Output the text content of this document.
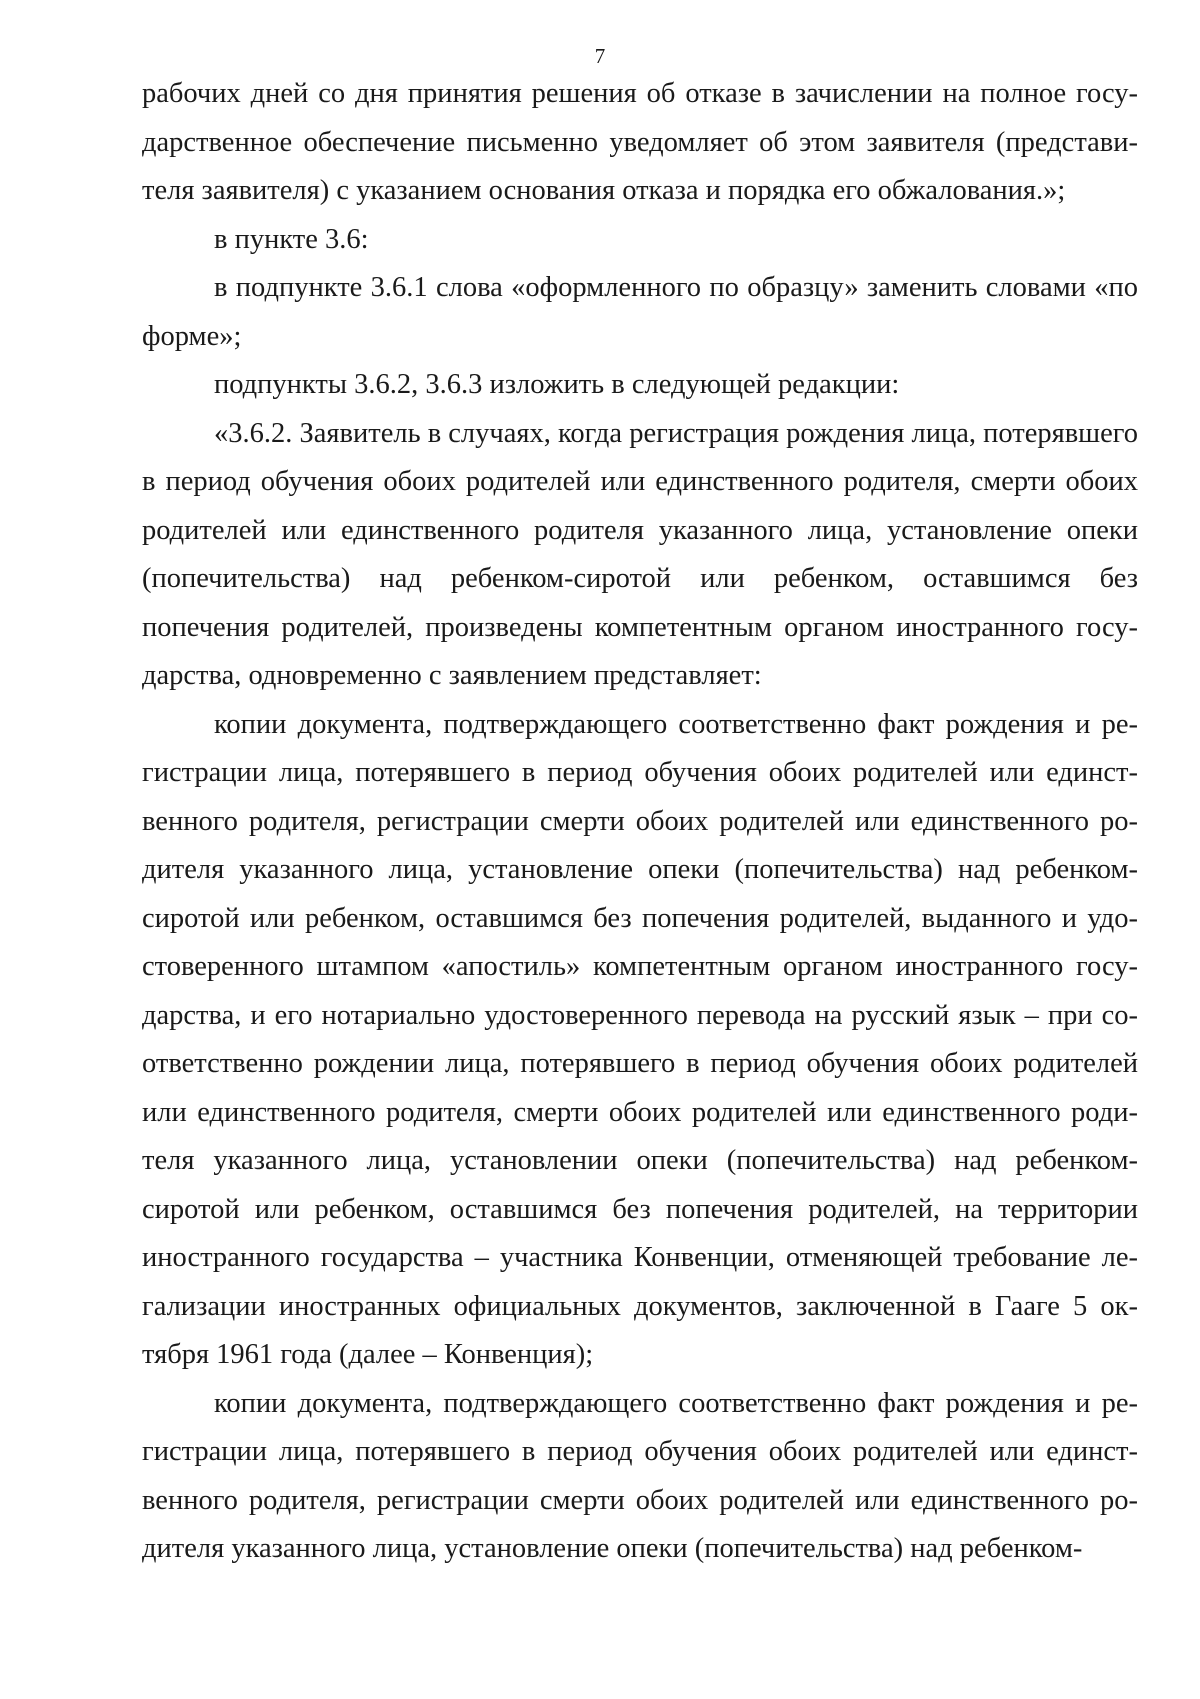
7

рабочих дней со дня принятия решения об отказе в зачислении на полное государственное обеспечение письменно уведомляет об этом заявителя (представителя заявителя) с указанием основания отказа и порядка его обжалования.»;

в пункте 3.6:

в подпункте 3.6.1 слова «оформленного по образцу» заменить словами «по форме»;

подпункты 3.6.2, 3.6.3 изложить в следующей редакции:

«3.6.2. Заявитель в случаях, когда регистрация рождения лица, потерявшего в период обучения обоих родителей или единственного родителя, смерти обоих родителей или единственного родителя указанного лица, установление опеки (попечительства) над ребенком-сиротой или ребенком, оставшимся без попечения родителей, произведены компетентным органом иностранного государства, одновременно с заявлением представляет:

копии документа, подтверждающего соответственно факт рождения и регистрации лица, потерявшего в период обучения обоих родителей или единственного родителя, регистрации смерти обоих родителей или единственного родителя указанного лица, установление опеки (попечительства) над ребенком-сиротой или ребенком, оставшимся без попечения родителей, выданного и удостоверенного штампом «апостиль» компетентным органом иностранного государства, и его нотариально удостоверенного перевода на русский язык – при соответственно рождении лица, потерявшего в период обучения обоих родителей или единственного родителя, смерти обоих родителей или единственного родителя указанного лица, установлении опеки (попечительства) над ребенком-сиротой или ребенком, оставшимся без попечения родителей, на территории иностранного государства – участника Конвенции, отменяющей требование легализации иностранных официальных документов, заключенной в Гааге 5 октября 1961 года (далее – Конвенция);

копии документа, подтверждающего соответственно факт рождения и регистрации лица, потерявшего в период обучения обоих родителей или единственного родителя, регистрации смерти обоих родителей или единственного родителя указанного лица, установление опеки (попечительства) над ребенком-
